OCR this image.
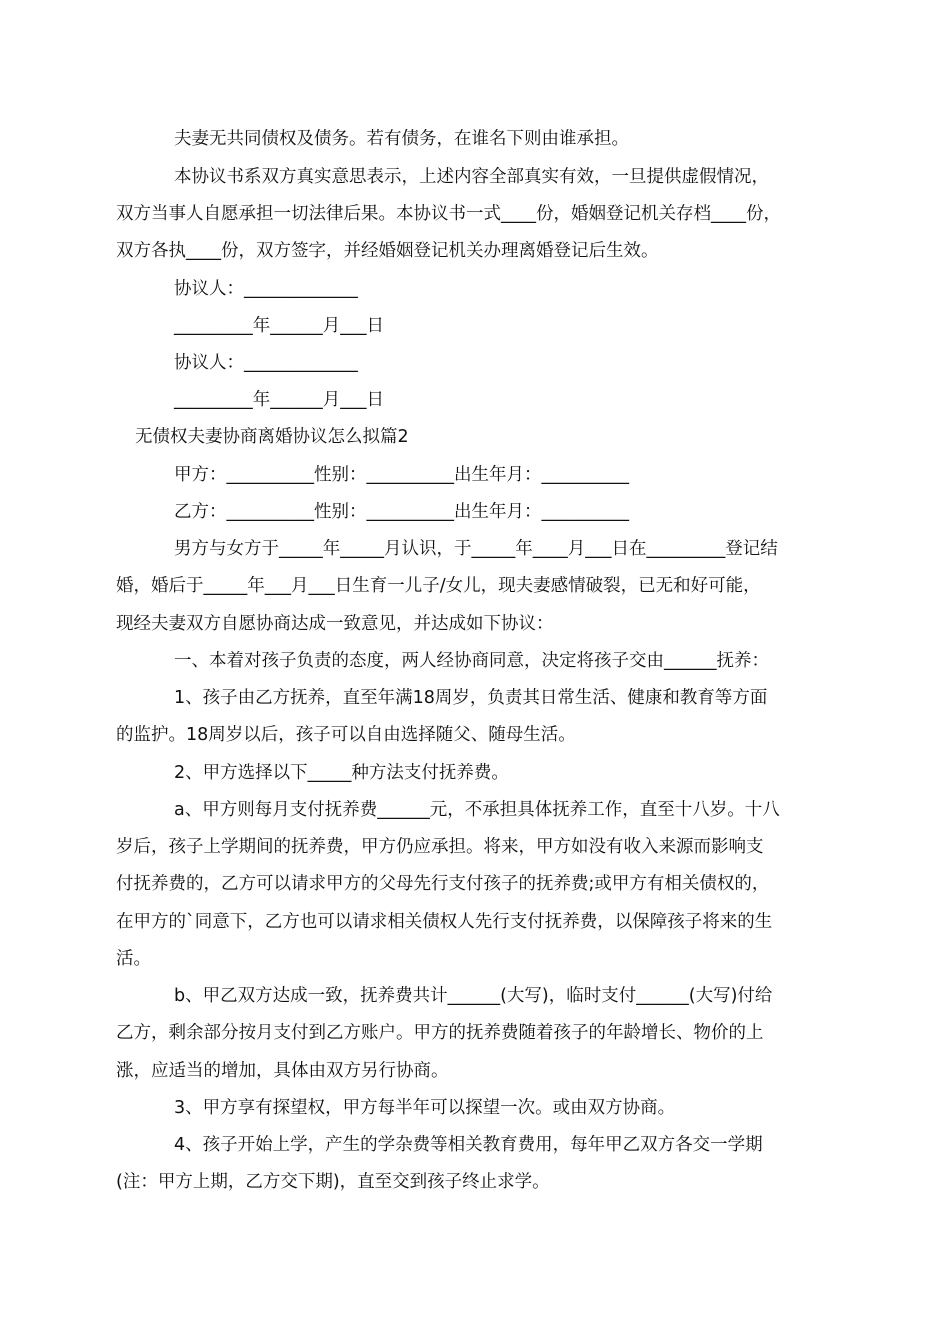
夫妻无共同债权及债务。若有债务，在谁名下则由谁承担。
本协议书系双方真实意思表示，上述内容全部真实有效，一旦提供虚假情况，
双方当事人自愿承担一切法律后果。本协议书一式____份，婚姻登记机关存档____份，
双方各执____份，双方签字，并经婚姻登记机关办理离婚登记后生效。
协议人：_____________
_________年______月___日
协议人：_____________
_________年______月___日
无债权夫妻协商离婚协议怎么拟篇2
甲方：__________性别：__________出生年月：__________
乙方：__________性别：__________出生年月：__________
男方与女方于_____年_____月认识，于_____年____月___日在_________登记结
婚，婚后于_____年___月___日生育一儿子/女儿，现夫妻感情破裂，已无和好可能，
现经夫妻双方自愿协商达成一致意见，并达成如下协议：
一、本着对孩子负责的态度，两人经协商同意，决定将孩子交由______抚养：
1、孩子由乙方抚养，直至年满18周岁，负责其日常生活、健康和教育等方面
的监护。18周岁以后，孩子可以自由选择随父、随母生活。
2、甲方选择以下_____种方法支付抚养费。
a、甲方则每月支付抚养费______元，不承担具体抚养工作，直至十八岁。十八
岁后，孩子上学期间的抚养费，甲方仍应承担。将来，甲方如没有收入来源而影响支
付抚养费的，乙方可以请求甲方的父母先行支付孩子的抚养费;或甲方有相关债权的，
在甲方的`同意下，乙方也可以请求相关债权人先行支付抚养费，以保障孩子将来的生
活。
b、甲乙双方达成一致，抚养费共计______(大写)，临时支付______(大写)付给
乙方，剩余部分按月支付到乙方账户。甲方的抚养费随着孩子的年龄增长、物价的上
涨，应适当的增加，具体由双方另行协商。
3、甲方享有探望权，甲方每半年可以探望一次。或由双方协商。
4、孩子开始上学，产生的学杂费等相关教育费用，每年甲乙双方各交一学期
(注：甲方上期，乙方交下期)，直至交到孩子终止求学。
